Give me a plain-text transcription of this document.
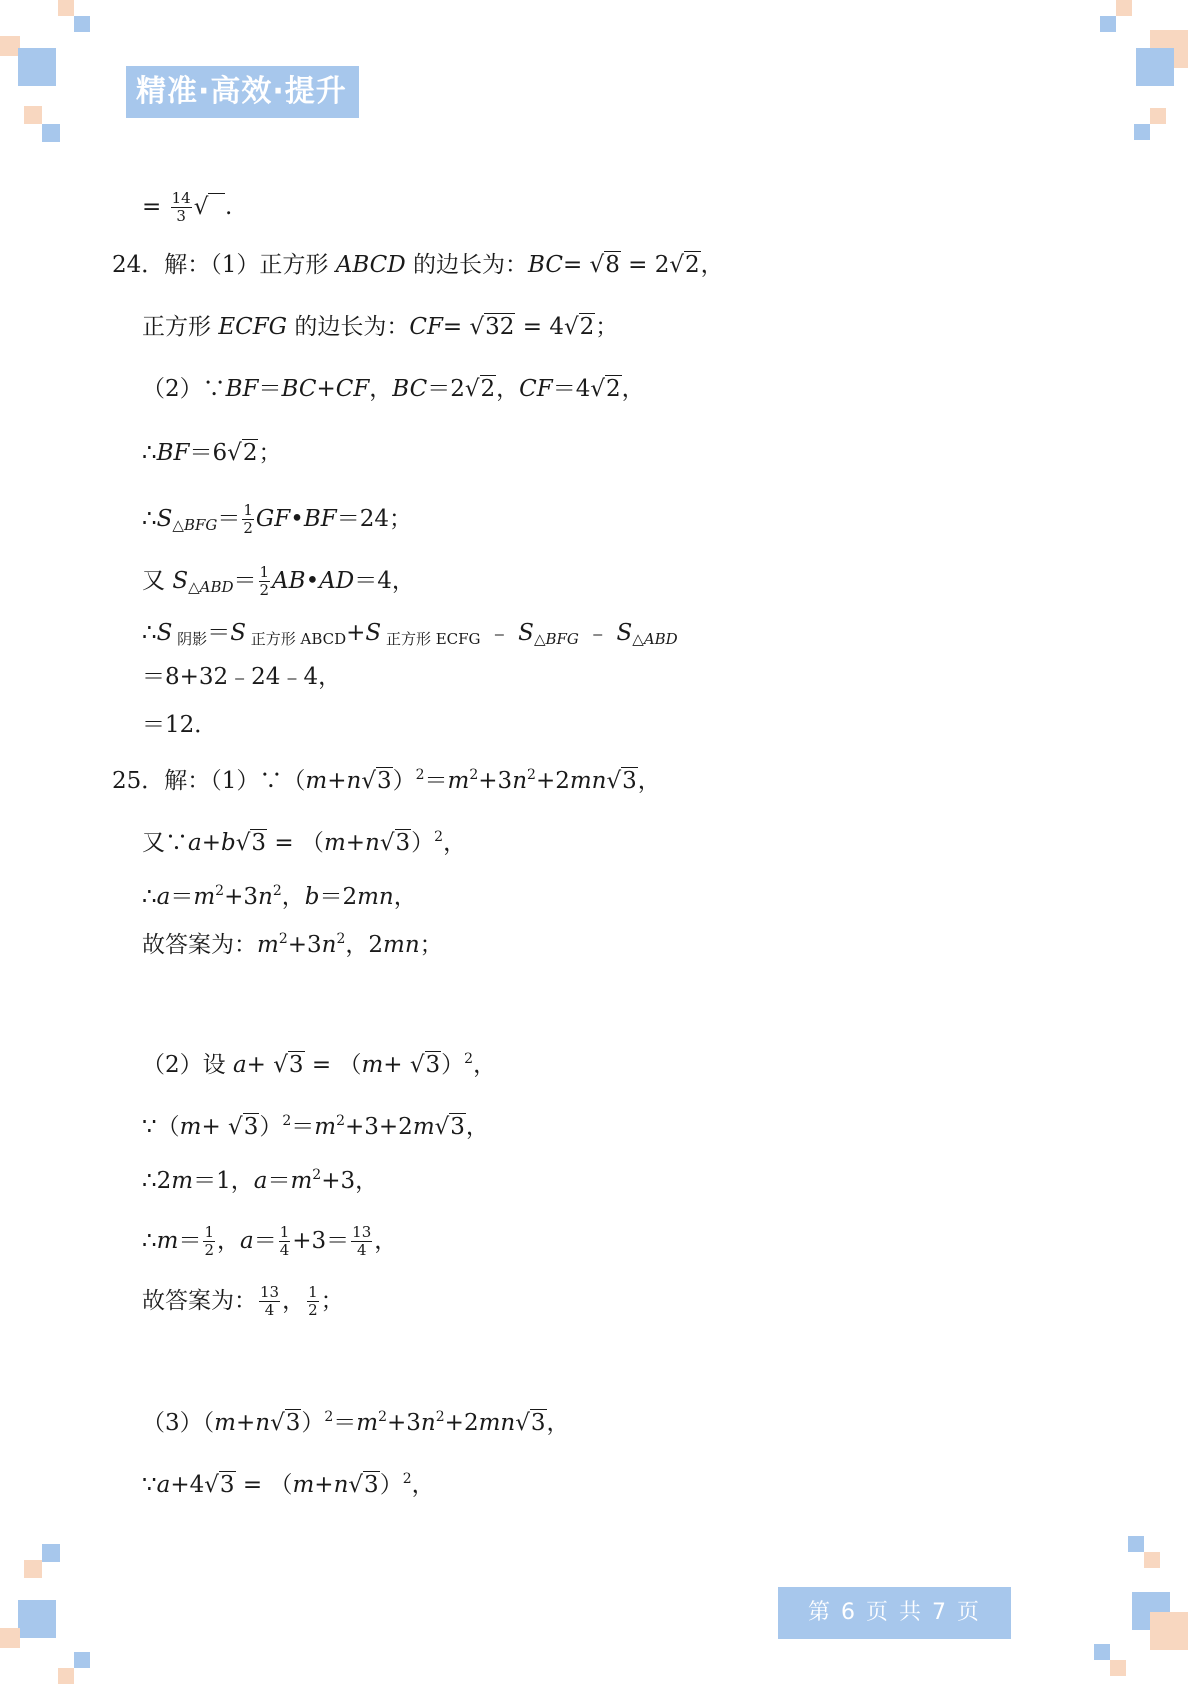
精准·高效·提升
= $\frac{14}{3}$ √ .
24．解：（1）正方形 ABCD 的边长为：BC= √8 = 2√2，
正方形 ECFG 的边长为：CF= √32 = 4√2；
（2）∵BF＝BC+CF，BC＝2√2，CF＝4√2，
∴BF＝6√2；
∴S△BFG＝ $\frac{1}{2}$ GF•BF＝24；
又 S△ABD＝ $\frac{1}{2}$ AB•AD＝4，
∴S 阴影＝S 正方形 ABCD+S 正方形 ECFG ﹣ S△BFG ﹣ S△ABD
＝8+32﹣24﹣4，
＝12．
25．解：$(1)\because(m+n√3)^2=m^2+3n^2+2mn√3$，
又∵a+b√3 = $(m+n√3)^2$，
$\therefore a=m^2+3n^2$，b＝2mn，
故答案为：$m^2+3n^2$，2mn；
（2）设 $a+ √3 = (m+ √3)^2$，
∵（m+ $√3)^2=m^2+3+2m√3$，
∴2m＝1，$a=m^2+3$，
∴m＝ $\frac{1}{2}$ ，$a= \frac{1}{4} +3= \frac{13}{4}$ ，
故答案为： $\frac{13}{4}$ ， $\frac{1}{2}$ ；
$(3)(m+n√3)^2=m^2+3n^2+2mn√3$，
∵a+4√3 = $(m+n√3)^2$，
第 6 页 共 7 页
